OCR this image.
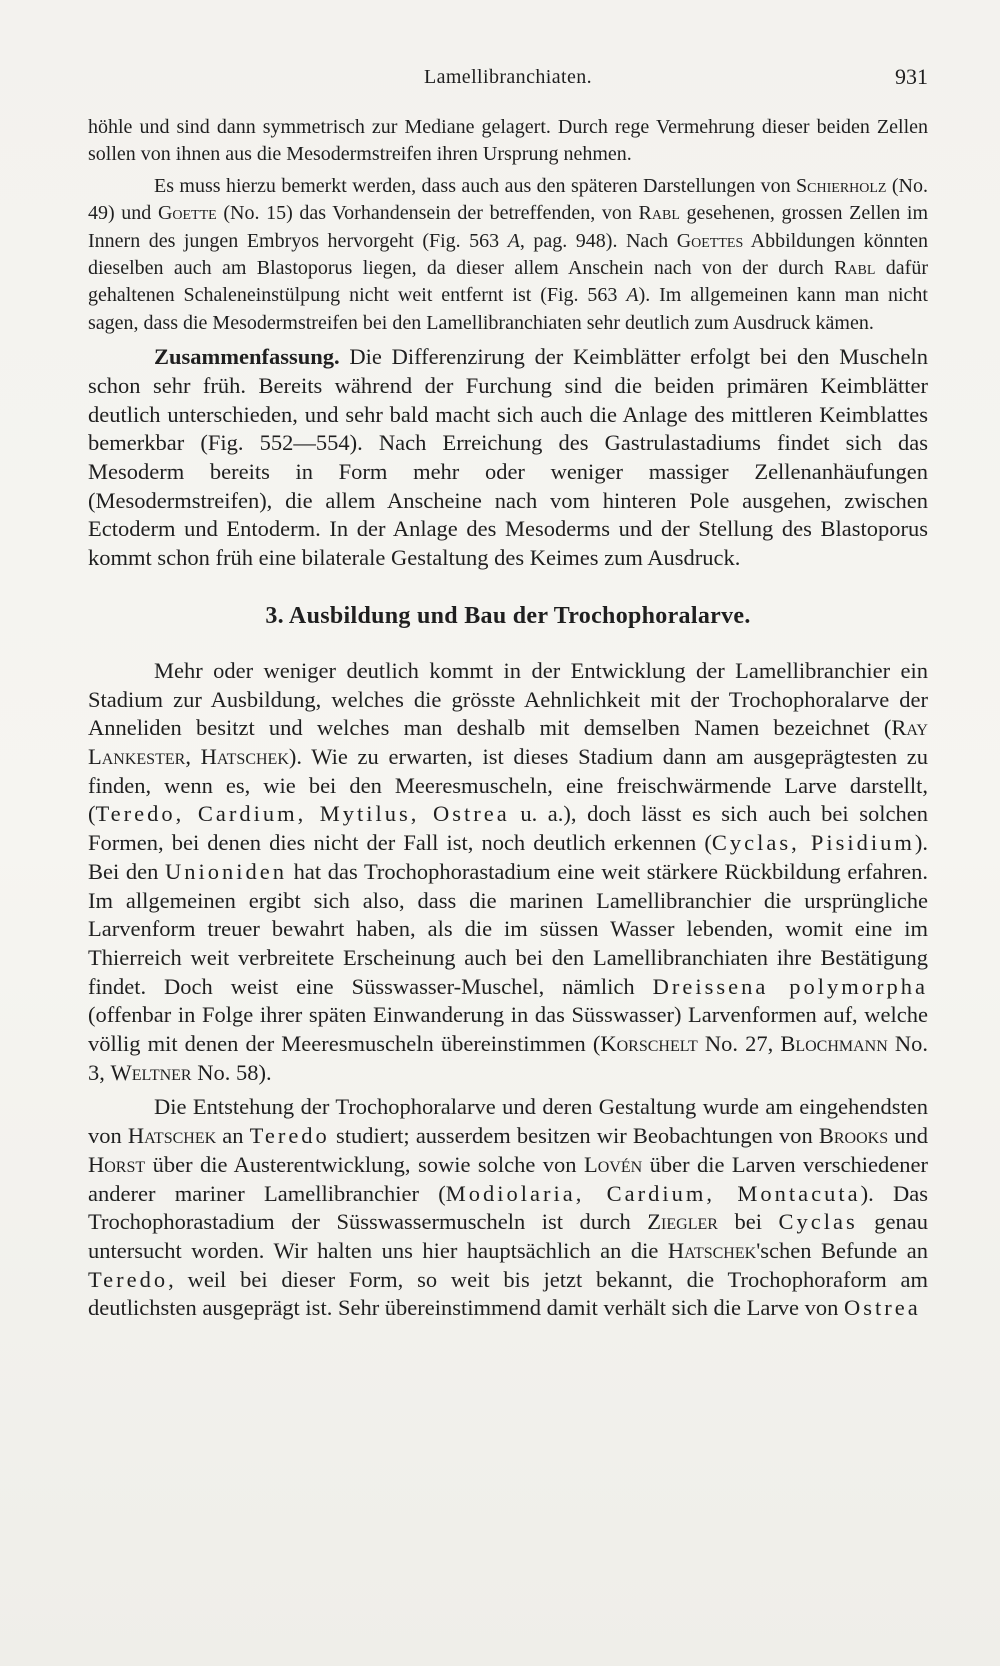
Lamellibranchiaten.	931

höhle und sind dann symmetrisch zur Mediane gelagert. Durch rege Vermehrung dieser beiden Zellen sollen von ihnen aus die Mesodermstreifen ihren Ursprung nehmen.

Es muss hierzu bemerkt werden, dass auch aus den späteren Darstellungen von Schierholz (No. 49) und Goette (No. 15) das Vorhandensein der betreffenden, von Rabl gesehenen, grossen Zellen im Innern des jungen Embryos hervorgeht (Fig. 563 A, pag. 948). Nach Goettes Abbildungen könnten dieselben auch am Blastoporus liegen, da dieser allem Anschein nach von der durch Rabl dafür gehaltenen Schaleneinstülpung nicht weit entfernt ist (Fig. 563 A). Im allgemeinen kann man nicht sagen, dass die Mesodermstreifen bei den Lamellibranchiaten sehr deutlich zum Ausdruck kämen.

Zusammenfassung. Die Differenzirung der Keimblätter erfolgt bei den Muscheln schon sehr früh. Bereits während der Furchung sind die beiden primären Keimblätter deutlich unterschieden, und sehr bald macht sich auch die Anlage des mittleren Keimblattes bemerkbar (Fig. 552—554). Nach Erreichung des Gastrulastadiums findet sich das Mesoderm bereits in Form mehr oder weniger massiger Zellenanhäufungen (Mesodermstreifen), die allem Anscheine nach vom hinteren Pole ausgehen, zwischen Ectoderm und Entoderm. In der Anlage des Mesoderms und der Stellung des Blastoporus kommt schon früh eine bilaterale Gestaltung des Keimes zum Ausdruck.

3. Ausbildung und Bau der Trochophoralarve.

Mehr oder weniger deutlich kommt in der Entwicklung der Lamellibranchier ein Stadium zur Ausbildung, welches die grösste Aehnlichkeit mit der Trochophoralarve der Anneliden besitzt und welches man deshalb mit demselben Namen bezeichnet (Ray Lankester, Hatschek). Wie zu erwarten, ist dieses Stadium dann am ausgeprägtesten zu finden, wenn es, wie bei den Meeresmuscheln, eine freischwärmende Larve darstellt, (Teredo, Cardium, Mytilus, Ostrea u. a.), doch lässt es sich auch bei solchen Formen, bei denen dies nicht der Fall ist, noch deutlich erkennen (Cyclas, Pisidium). Bei den Unioniden hat das Trochophorastadium eine weit stärkere Rückbildung erfahren. Im allgemeinen ergibt sich also, dass die marinen Lamellibranchier die ursprüngliche Larvenform treuer bewahrt haben, als die im süssen Wasser lebenden, womit eine im Thierreich weit verbreitete Erscheinung auch bei den Lamellibranchiaten ihre Bestätigung findet. Doch weist eine Süsswasser-Muschel, nämlich Dreissena polymorpha (offenbar in Folge ihrer späten Einwanderung in das Süsswasser) Larvenformen auf, welche völlig mit denen der Meeresmuscheln übereinstimmen (Korschelt No. 27, Blochmann No. 3, Weltner No. 58).

Die Entstehung der Trochophoralarve und deren Gestaltung wurde am eingehendsten von Hatschek an Teredo studiert; ausserdem besitzen wir Beobachtungen von Brooks und Horst über die Austerentwicklung, sowie solche von Lovén über die Larven verschiedener anderer mariner Lamellibranchier (Modiolaria, Cardium, Montacuta). Das Trochophorastadium der Süsswassermuscheln ist durch Ziegler bei Cyclas genau untersucht worden. Wir halten uns hier hauptsächlich an die Hatschek'schen Befunde an Teredo, weil bei dieser Form, so weit bis jetzt bekannt, die Trochophoraform am deutlichsten ausgeprägt ist. Sehr übereinstimmend damit verhält sich die Larve von Ostrea
